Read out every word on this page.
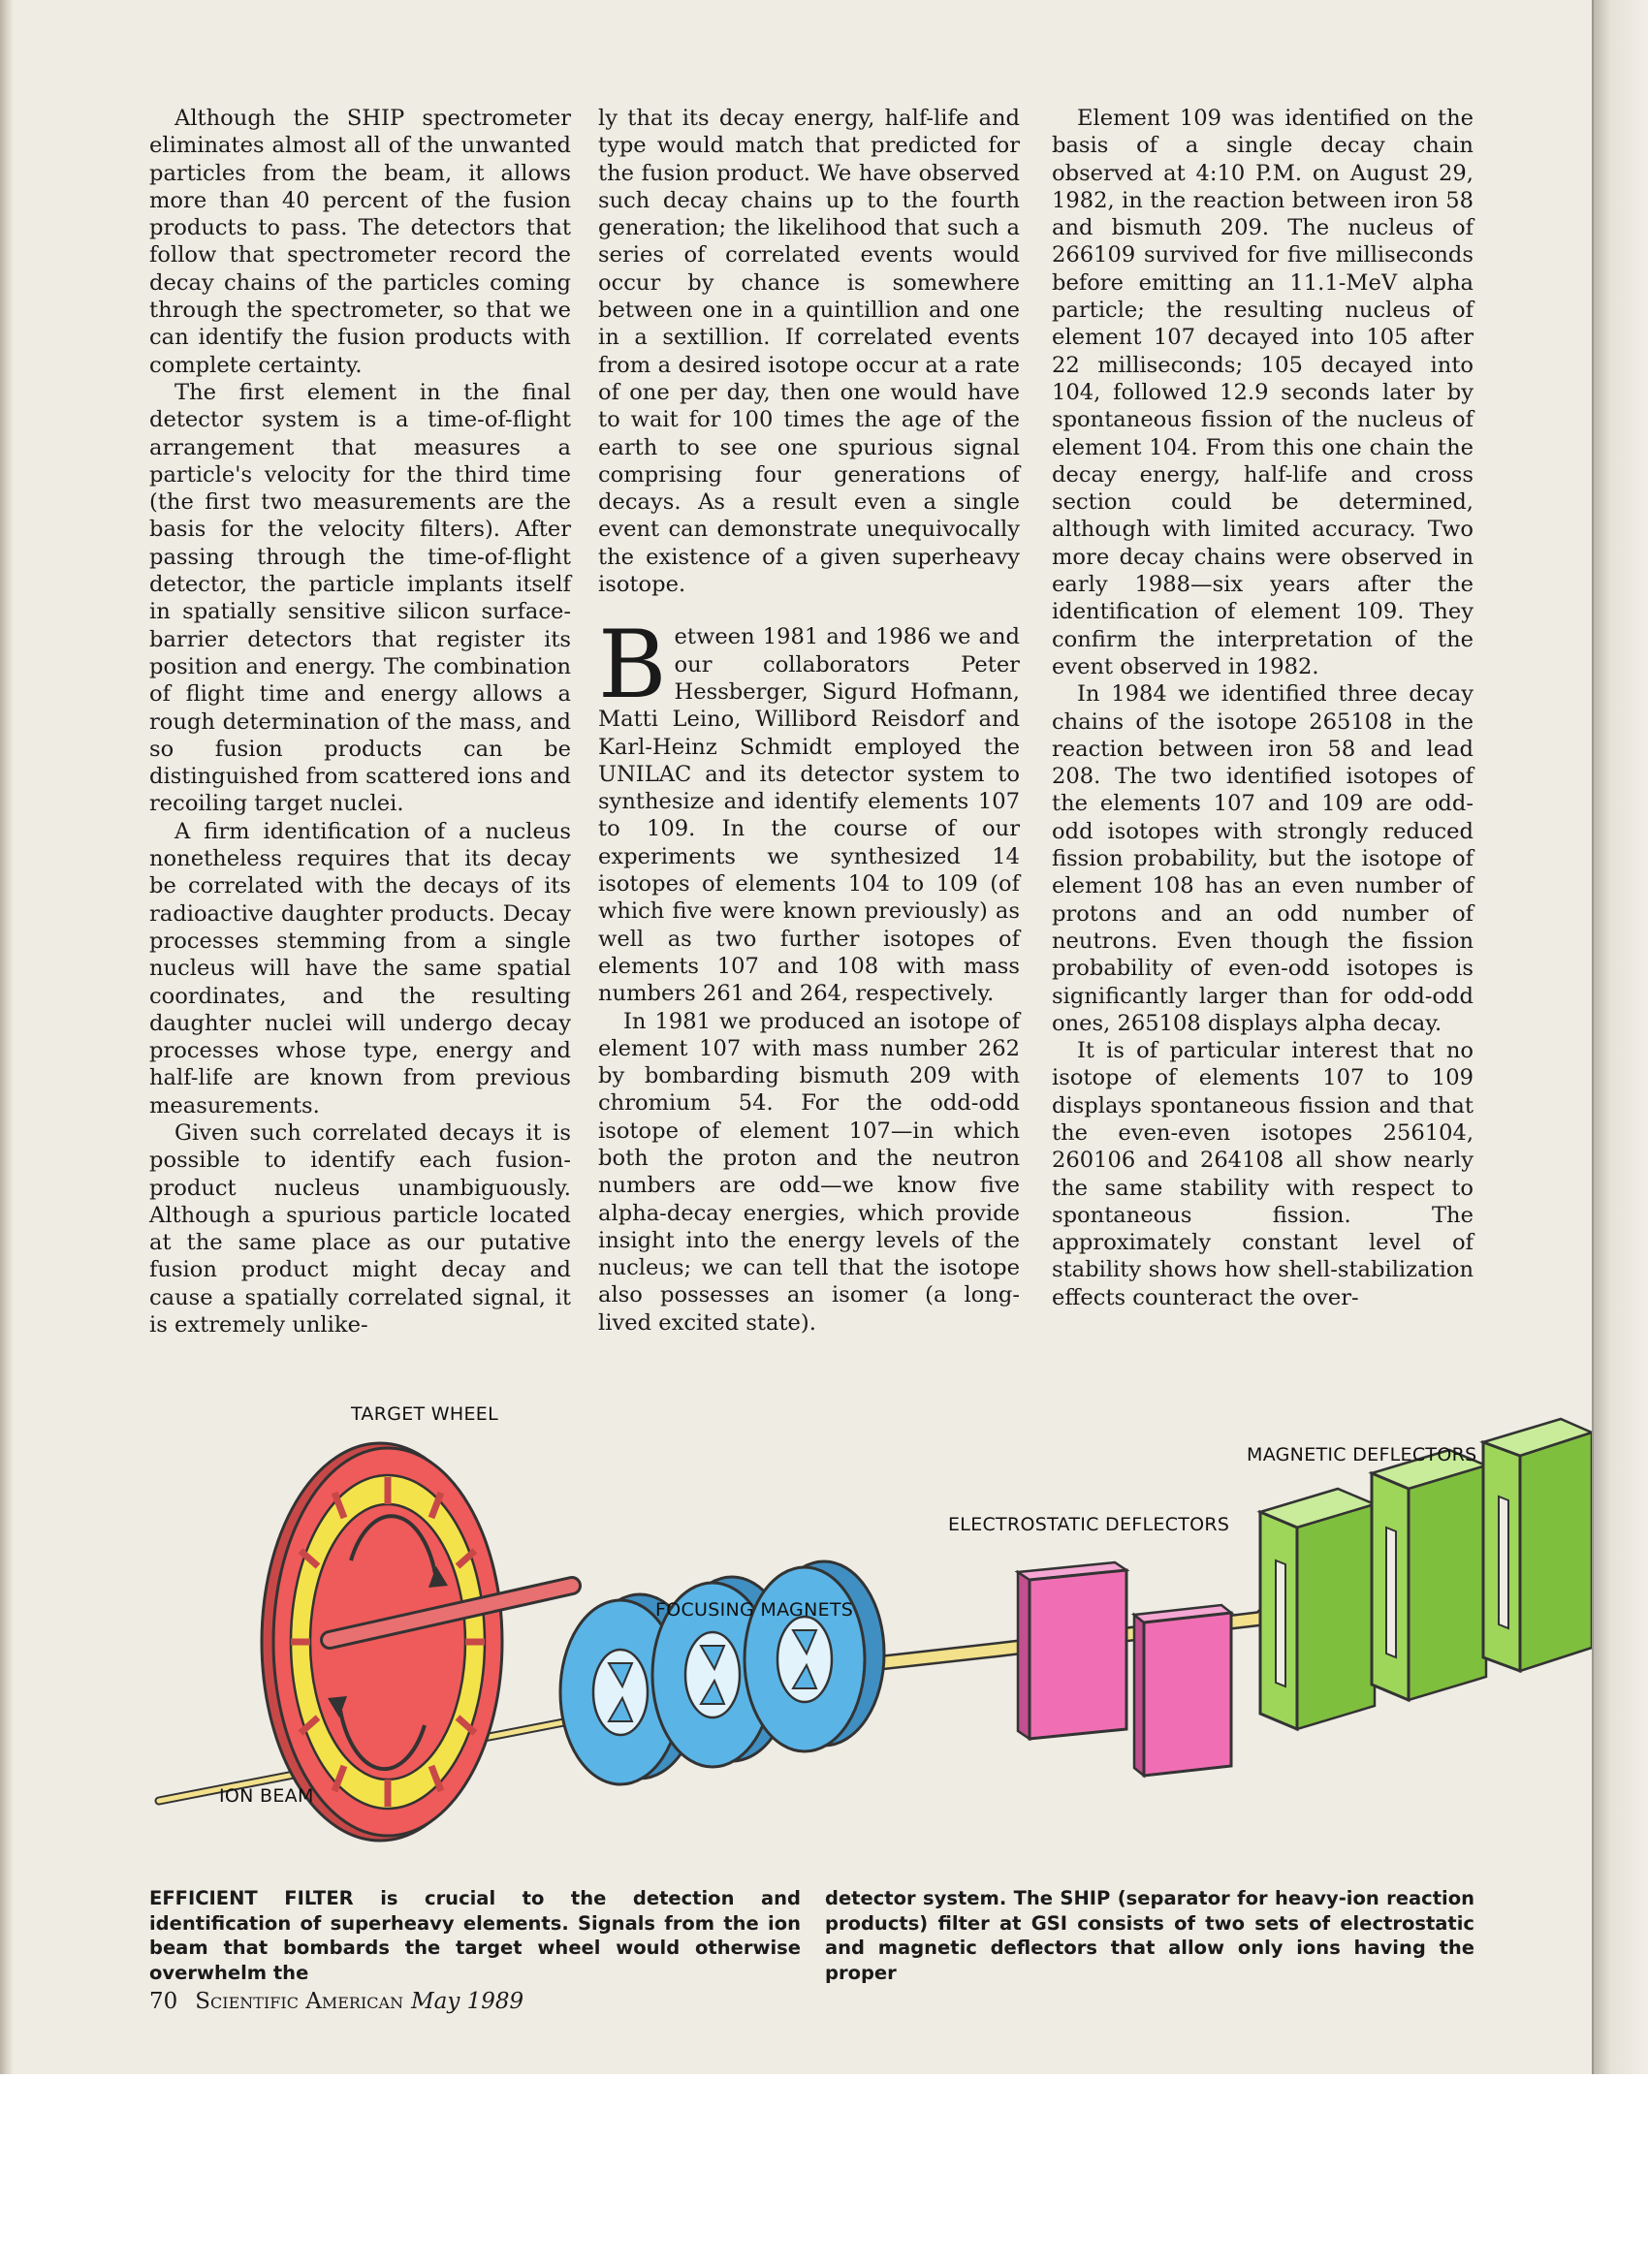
Although the SHIP spectrometer eliminates almost all of the unwanted particles from the beam, it allows more than 40 percent of the fusion products to pass. The detectors that follow that spectrometer record the decay chains of the particles coming through the spectrometer, so that we can identify the fusion products with complete certainty.

The first element in the final detector system is a time-of-flight arrangement that measures a particle's velocity for the third time (the first two measurements are the basis for the velocity filters). After passing through the time-of-flight detector, the particle implants itself in spatially sensitive silicon surface-barrier detectors that register its position and energy. The combination of flight time and energy allows a rough determination of the mass, and so fusion products can be distinguished from scattered ions and recoiling target nuclei.

A firm identification of a nucleus nonetheless requires that its decay be correlated with the decays of its radioactive daughter products. Decay processes stemming from a single nucleus will have the same spatial coordinates, and the resulting daughter nuclei will undergo decay processes whose type, energy and half-life are known from previous measurements.

Given such correlated decays it is possible to identify each fusion-product nucleus unambiguously. Although a spurious particle located at the same place as our putative fusion product might decay and cause a spatially correlated signal, it is extremely unlike-

ly that its decay energy, half-life and type would match that predicted for the fusion product. We have observed such decay chains up to the fourth generation; the likelihood that such a series of correlated events would occur by chance is somewhere between one in a quintillion and one in a sextillion. If correlated events from a desired isotope occur at a rate of one per day, then one would have to wait for 100 times the age of the earth to see one spurious signal comprising four generations of decays. As a result even a single event can demonstrate unequivocally the existence of a given superheavy isotope.

Between 1981 and 1986 we and our collaborators Peter Hessberger, Sigurd Hofmann, Matti Leino, Willibord Reisdorf and Karl-Heinz Schmidt employed the UNILAC and its detector system to synthesize and identify elements 107 to 109. In the course of our experiments we synthesized 14 isotopes of elements 104 to 109 (of which five were known previously) as well as two further isotopes of elements 107 and 108 with mass numbers 261 and 264, respectively.

In 1981 we produced an isotope of element 107 with mass number 262 by bombarding bismuth 209 with chromium 54. For the odd-odd isotope of element 107—in which both the proton and the neutron numbers are odd—we know five alpha-decay energies, which provide insight into the energy levels of the nucleus; we can tell that the isotope also possesses an isomer (a long-lived excited state).

Element 109 was identified on the basis of a single decay chain observed at 4:10 P.M. on August 29, 1982, in the reaction between iron 58 and bismuth 209. The nucleus of 266109 survived for five milliseconds before emitting an 11.1-MeV alpha particle; the resulting nucleus of element 107 decayed into 105 after 22 milliseconds; 105 decayed into 104, followed 12.9 seconds later by spontaneous fission of the nucleus of element 104. From this one chain the decay energy, half-life and cross section could be determined, although with limited accuracy. Two more decay chains were observed in early 1988—six years after the identification of element 109. They confirm the interpretation of the event observed in 1982.

In 1984 we identified three decay chains of the isotope 265108 in the reaction between iron 58 and lead 208. The two identified isotopes of the elements 107 and 109 are odd-odd isotopes with strongly reduced fission probability, but the isotope of element 108 has an even number of protons and an odd number of neutrons. Even though the fission probability of even-odd isotopes is significantly larger than for odd-odd ones, 265108 displays alpha decay.

It is of particular interest that no isotope of elements 107 to 109 displays spontaneous fission and that the even-even isotopes 256104, 260106 and 264108 all show nearly the same stability with respect to spontaneous fission. The approximately constant level of stability shows how shell-stabilization effects counteract the over-

TARGET WHEEL
ION BEAM
FOCUSING MAGNETS
ELECTROSTATIC DEFLECTORS
MAGNETIC DEFLECTORS
EFFICIENT FILTER is crucial to the detection and identification of superheavy elements. Signals from the ion beam that bombards the target wheel would otherwise overwhelm the
detector system. The SHIP (separator for heavy-ion reaction products) filter at GSI consists of two sets of electrostatic and magnetic deflectors that allow only ions having the proper
70 Scientific American May 1989
